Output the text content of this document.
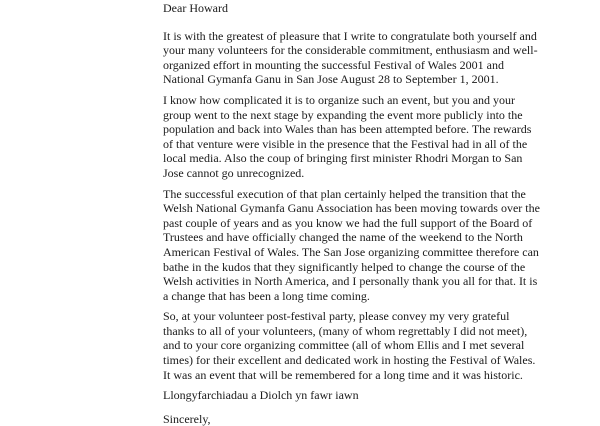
Dear Howard

It is with the greatest of pleasure that I write to congratulate both yourself and
your many volunteers for the considerable commitment, enthusiasm and well-
organized effort in mounting the successful Festival of Wales 2001 and
National Gymanfa Ganu in San Jose August 28 to September 1, 2001.

I know how complicated it is to organize such an event, but you and your
group went to the next stage by expanding the event more publicly into the
population and back into Wales than has been attempted before. The rewards
of that venture were visible in the presence that the Festival had in all of the
local media. Also the coup of bringing first minister Rhodri Morgan to San
Jose cannot go unrecognized.

The successful execution of that plan certainly helped the transition that the
Welsh National Gymanfa Ganu Association has been moving towards over the
past couple of years and as you know we had the full support of the Board of
Trustees and have officially changed the name of the weekend to the North
American Festival of Wales. The San Jose organizing committee therefore can
bathe in the kudos that they significantly helped to change the course of the
Welsh activities in North America, and I personally thank you all for that. It is
a change that has been a long time coming.

So, at your volunteer post-festival party, please convey my very grateful
thanks to all of your volunteers, (many of whom regrettably I did not meet),
and to your core organizing committee (all of whom Ellis and I met several
times) for their excellent and dedicated work in hosting the Festival of Wales.
It was an event that will be remembered for a long time and it was historic.

Llongyfarchiadau a Diolch yn fawr iawn

Sincerely,
